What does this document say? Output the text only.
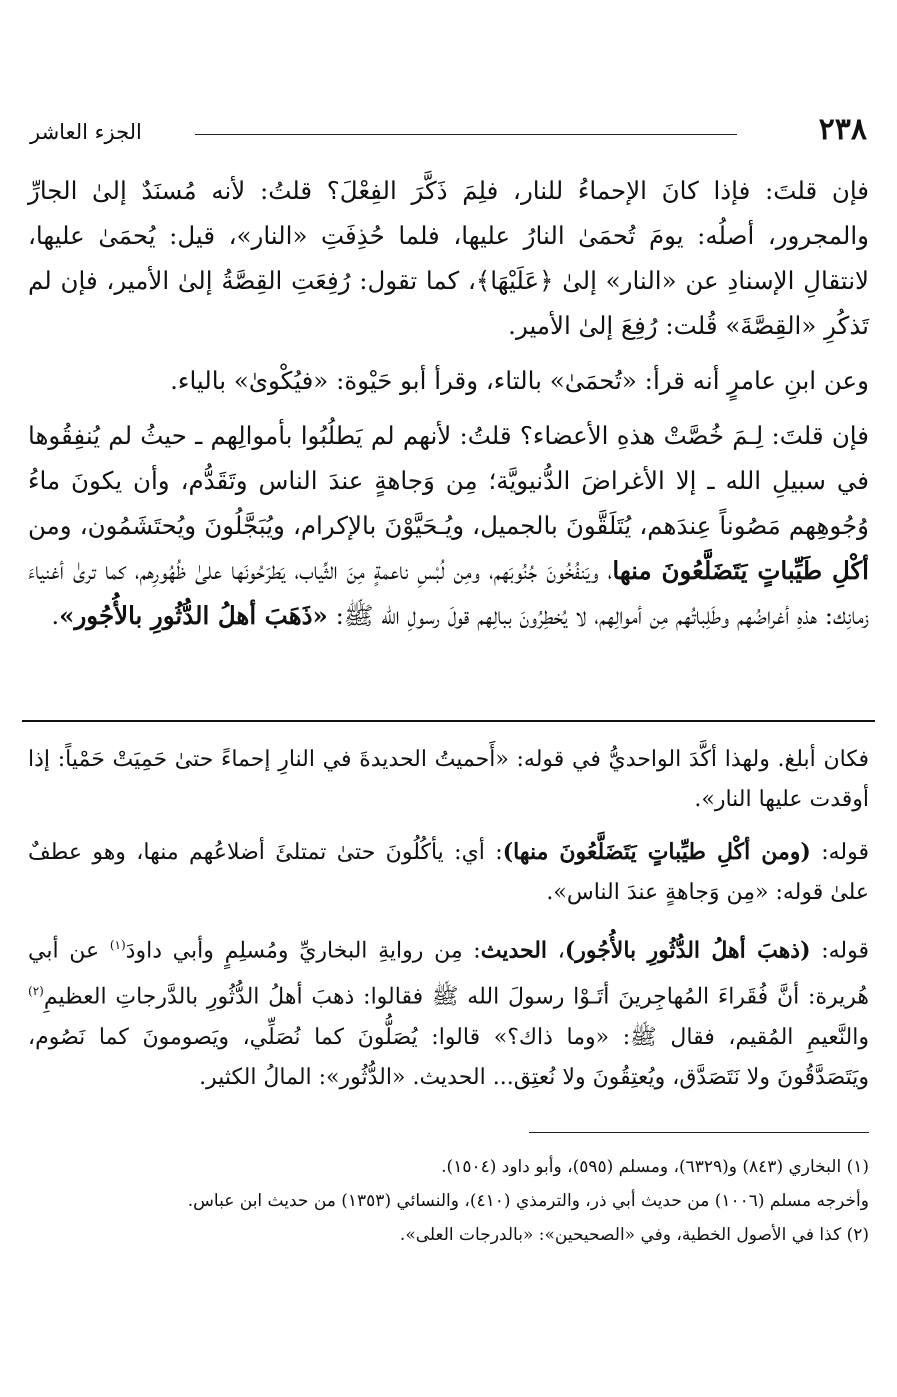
٢٣٨
الجزء العاشر

فإن قلتَ: فإذا كانَ الإحماءُ للنار، فلِمَ ذَكَّرَ الفِعْلَ؟ قلتُ: لأنه مُسنَدٌ إلىٰ الجارِّ والمجرور، أصلُه: يومَ تُحمَىٰ النارُ عليها، فلما حُذِفَتِ «النار»، قيل: يُحمَىٰ عليها، لانتقالِ الإسنادِ عن «النار» إلىٰ ﴿عَلَيْهَا﴾، كما تقول: رُفِعَتِ القِصَّةُ إلىٰ الأمير، فإن لم تَذكُرِ «القِصَّةَ» قُلت: رُفِعَ إلىٰ الأمير.

وعن ابنِ عامرٍ أنه قرأ: «تُحمَىٰ» بالتاء، وقرأ أبو حَيْوة: «فيُكْوىٰ» بالياء.

فإن قلتَ: لِـمَ خُصَّتْ هذهِ الأعضاء؟ قلتُ: لأنهم لم يَطلُبُوا بأموالِهم ـ حيثُ لم يُنفِقُوها في سبيلِ الله ـ إلا الأغراضَ الدُّنيويَّة؛ مِن وَجاهةٍ عندَ الناس وتَقَدُّم، وأن يكونَ ماءُ وُجُوهِهم مَصُوناً عِندَهم، يُتَلَقَّونَ بالجميل، ويُـحَيَّوْنَ بالإكرام، ويُبَجَّلُونَ ويُحتَشَمُون، ومن أكْلِ طَيِّباتٍ يَتَضَلَّعُونَ منها، ويَنفُخُونَ جُنُوبَهم، ومِن لُبْسِ ناعمةٍ مِنَ الثِّياب، يَطرَحُونَها علىٰ ظُهُورِهم، كما ترىٰ أغنياءَ زمانِك: هذهِ أغراضُهم وطَلِباتُهم مِن أموالِهم، لا يُخطِرُونَ ببالِهم قولَ رسولِ الله ﷺ: «ذَهَبَ أهلُ الدُّثُورِ بالأُجُور».

فكان أبلغ. ولهذا أكَّدَ الواحديُّ في قوله: «أَحميتُ الحديدةَ في النارِ إحماءً حتىٰ حَمِيَتْ حَمْياً: إذا أوقدت عليها النار».

قوله: (ومن أكْلِ طيِّباتٍ يَتَضَلَّعُونَ منها): أي: يأكُلُونَ حتىٰ تمتلئَ أضلاعُهم منها، وهو عطفٌ علىٰ قوله: «مِن وَجاهةٍ عندَ الناس».

قوله: (ذهبَ أهلُ الدُّثُورِ بالأُجُور)، الحديث: مِن روايةِ البخاريِّ ومُسلِمٍ وأبي داودَ$^{(١)}$ عن أبي هُريرة: أنَّ فُقَراءَ المُهاجِرينَ أتَـوْا رسولَ الله ﷺ فقالوا: ذهبَ أهلُ الدُّثُورِ بالدَّرجاتِ العظيمِ$^{(٢)}$ والنَّعيمِ المُقيم، فقال ﷺ: «وما ذاك؟» قالوا: يُصَلُّونَ كما نُصَلِّي، ويَصومونَ كما نَصُوم، ويَتَصَدَّقُونَ ولا نَتَصَدَّق، ويُعتِقُونَ ولا نُعتِق... الحديث. «الدُّثُور»: المالُ الكثير.

(١) البخاري (٨٤٣) و(٦٣٢٩)، ومسلم (٥٩٥)، وأبو داود (١٥٠٤).

وأخرجه مسلم (١٠٠٦) من حديث أبي ذر، والترمذي (٤١٠)، والنسائي (١٣٥٣) من حديث ابن عباس.

(٢) كذا في الأصول الخطية، وفي «الصحيحين»: «بالدرجات العلى».
